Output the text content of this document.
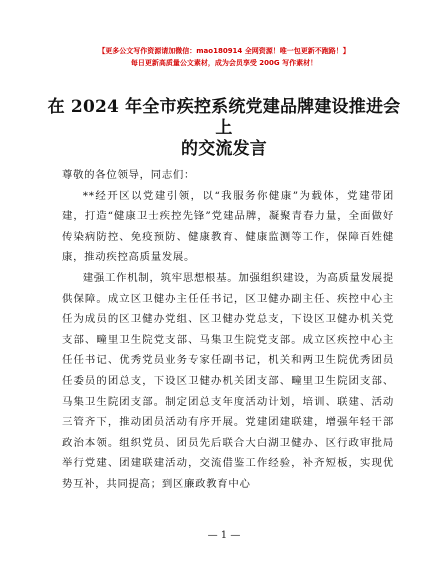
【更多公文写作资源请加微信：mao180914 全网资源！唯一包更新不跑路！】
每日更新高质量公文素材，成为会员享受 200G 写作素材！
在 2024 年全市疾控系统党建品牌建设推进会上
的交流发言

尊敬的各位领导，同志们：

**经开区以党建引领，以“我服务你健康”为载体，党建带团建，打造“健康卫士疾控先锋”党建品牌，凝聚青春力量，全面做好传染病防控、免疫预防、健康教育、健康监测等工作，保障百姓健康，推动疾控高质量发展。

建强工作机制，筑牢思想根基。加强组织建设，为高质量发展提供保障。成立区卫健办主任任书记，区卫健办副主任、疾控中心主任为成员的区卫健办党组、区卫健办党总支，下设区卫健办机关党支部、疃里卫生院党支部、马集卫生院党支部。成立区疾控中心主任任书记、优秀党员业务专家任副书记，机关和两卫生院优秀团员任委员的团总支，下设区卫健办机关团支部、疃里卫生院团支部、马集卫生院团支部。制定团总支年度活动计划，培训、联建、活动三管齐下，推动团员活动有序开展。党建团建联建，增强年轻干部政治本领。组织党员、团员先后联合大白湖卫健办、区行政审批局举行党建、团建联建活动，交流借鉴工作经验，补齐短板，实现优势互补，共同提高；到区廉政教育中心

— 1 —
